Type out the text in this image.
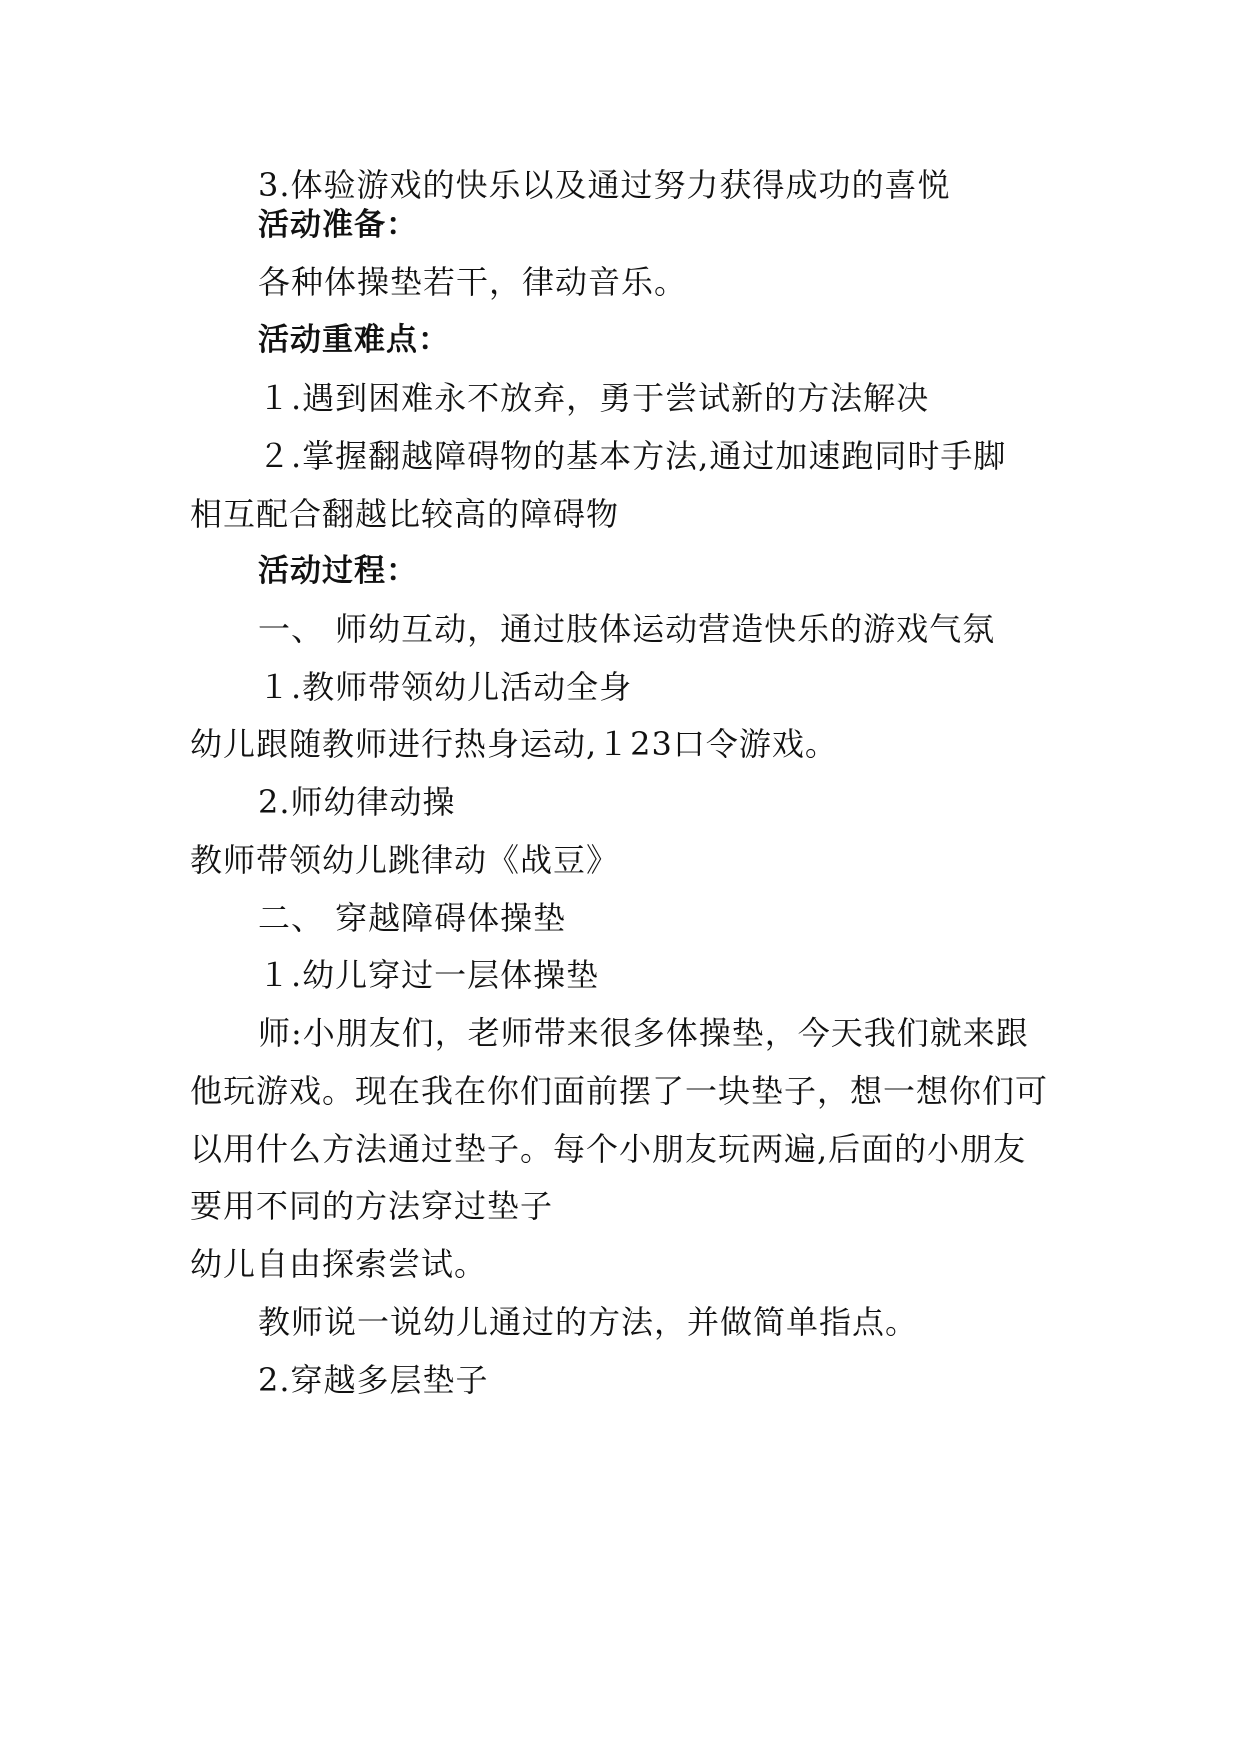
3.体验游戏的快乐以及通过努力获得成功的喜悦
活动准备：
各种体操垫若干，律动音乐。
活动重难点：
１.遇到困难永不放弃，勇于尝试新的方法解决
２.掌握翻越障碍物的基本方法,通过加速跑同时手脚
相互配合翻越比较高的障碍物
活动过程：
一、 师幼互动，通过肢体运动营造快乐的游戏气氛
１.教师带领幼儿活动全身
幼儿跟随教师进行热身运动,１23口令游戏。
2.师幼律动操
教师带领幼儿跳律动《战豆》
二、 穿越障碍体操垫
１.幼儿穿过一层体操垫
师:小朋友们，老师带来很多体操垫，今天我们就来跟
他玩游戏。现在我在你们面前摆了一块垫子，想一想你们可
以用什么方法通过垫子。每个小朋友玩两遍,后面的小朋友
要用不同的方法穿过垫子
幼儿自由探索尝试。
教师说一说幼儿通过的方法，并做简单指点。
2.穿越多层垫子
